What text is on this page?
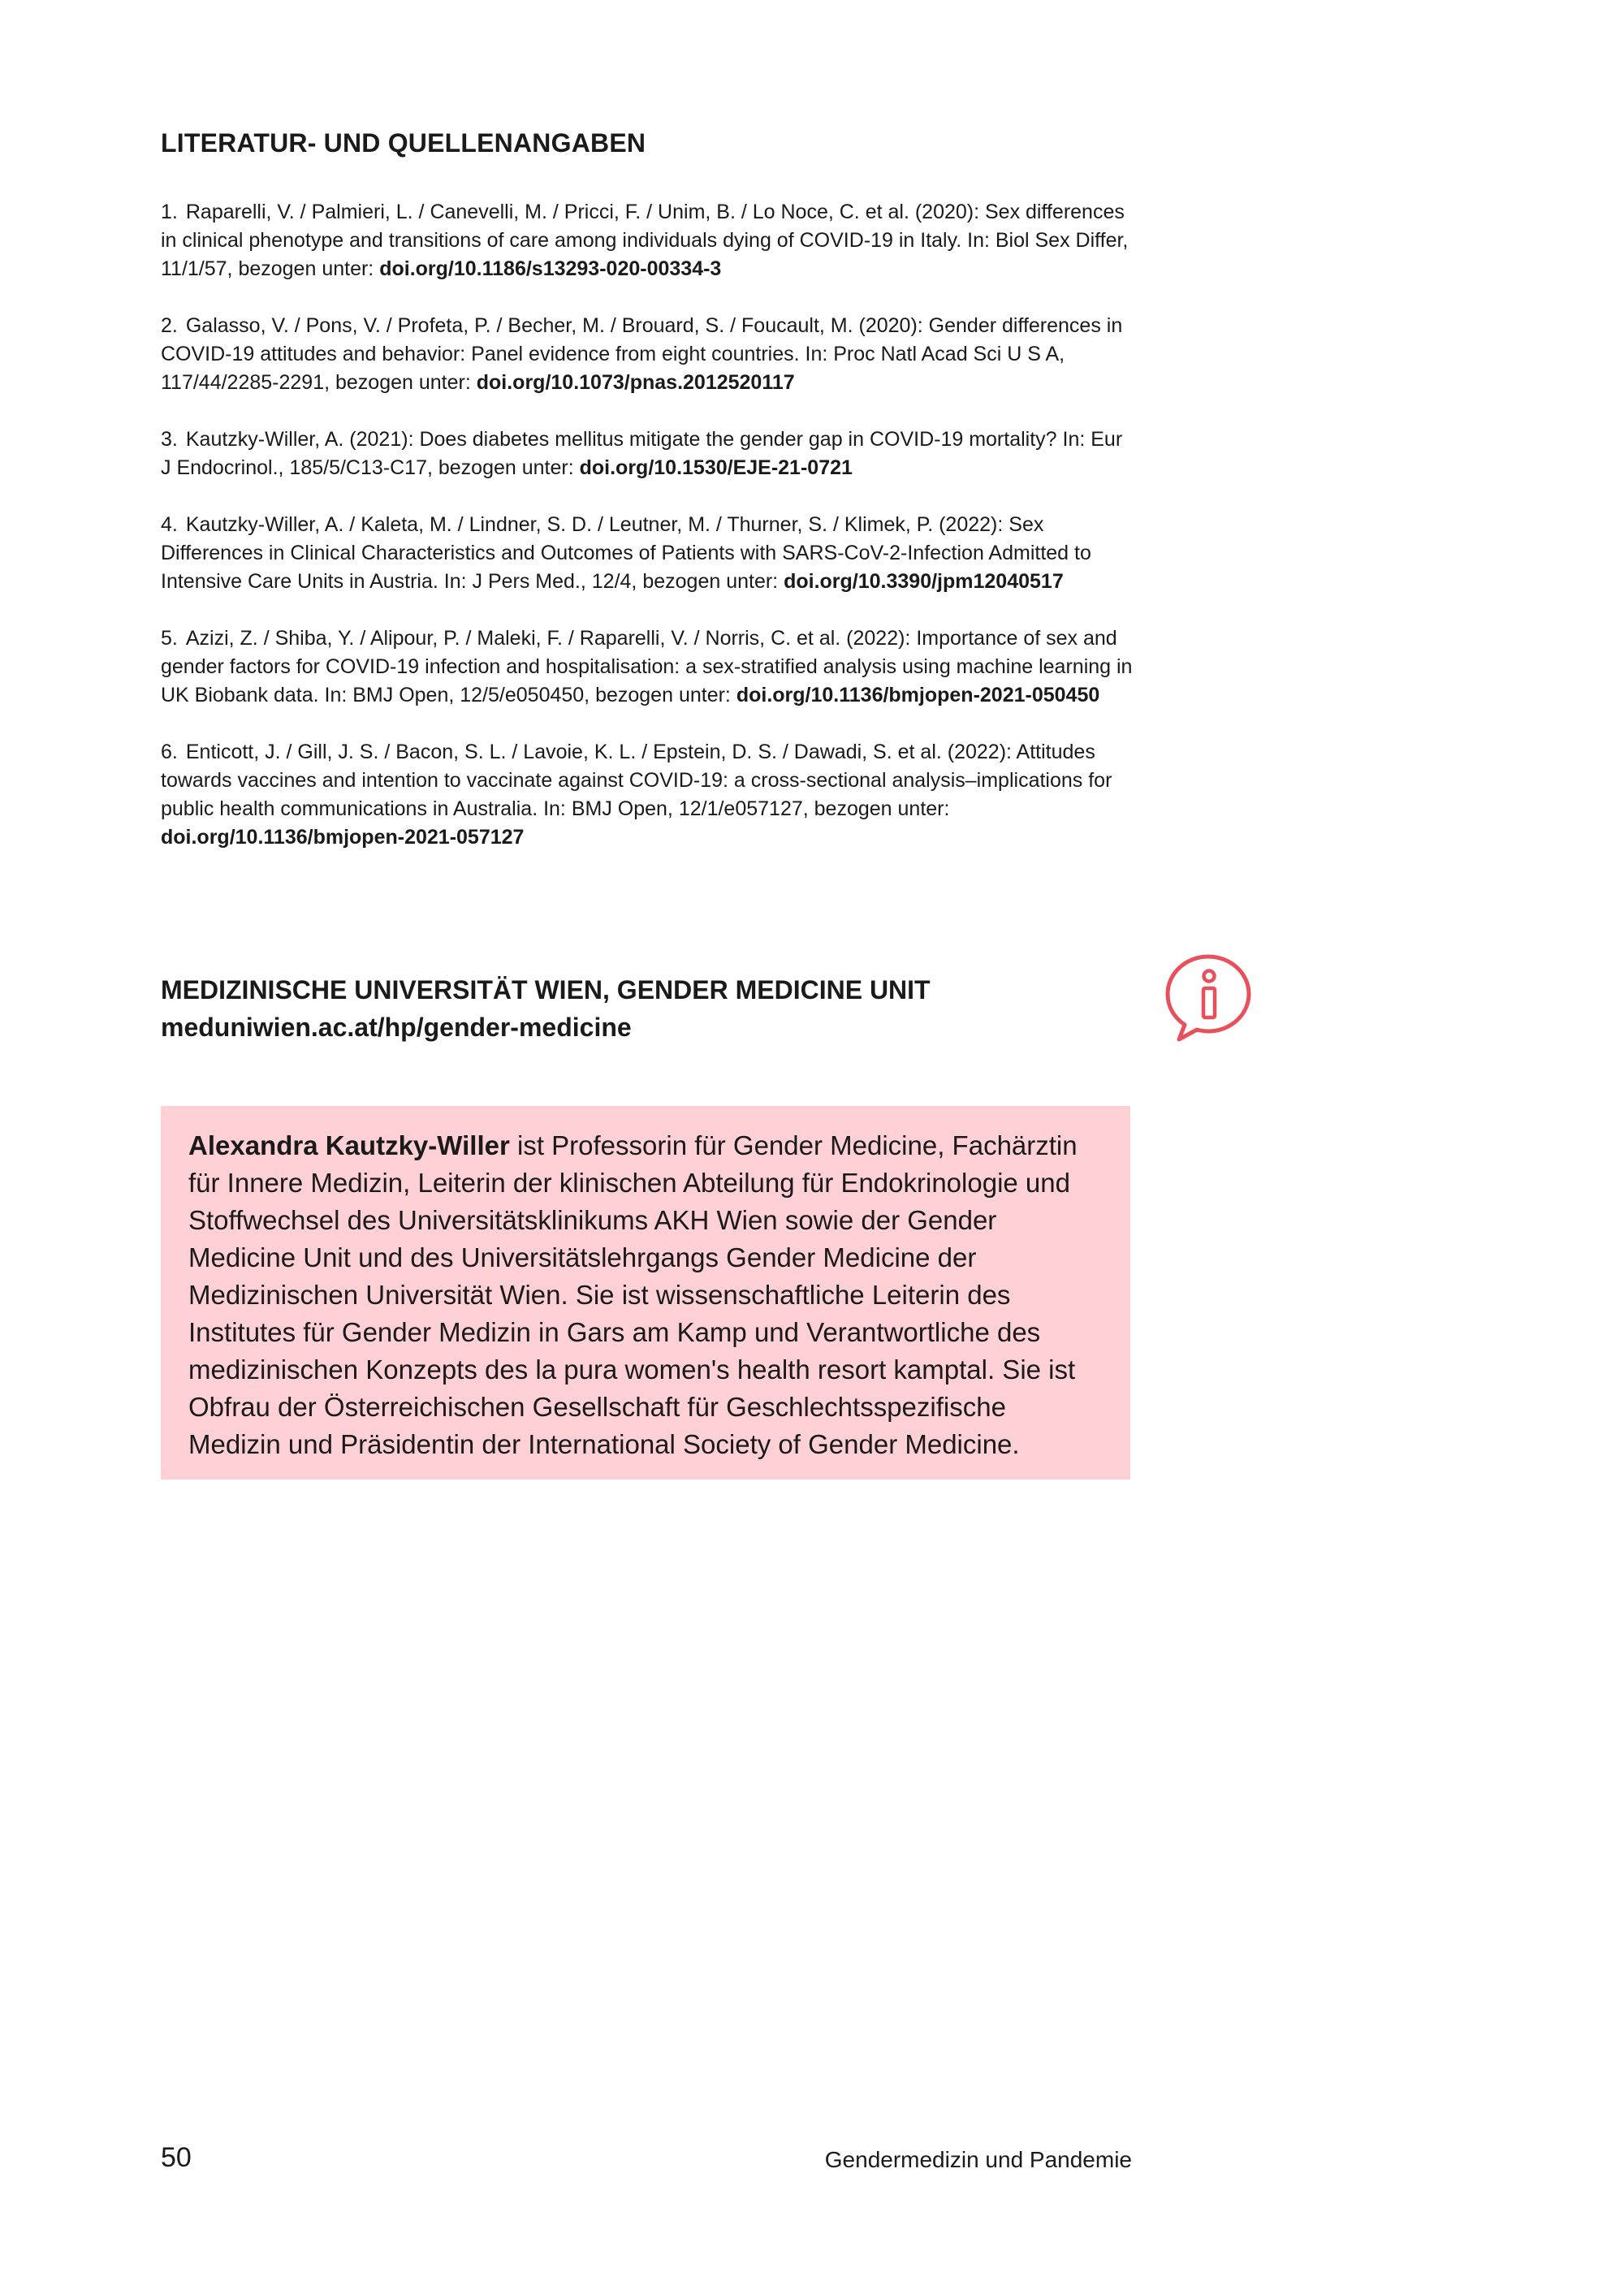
LITERATUR- UND QUELLENANGABEN
1. Raparelli, V. / Palmieri, L. / Canevelli, M. / Pricci, F. / Unim, B. / Lo Noce, C. et al. (2020): Sex differences in clinical phenotype and transitions of care among individuals dying of COVID-19 in Italy. In: Biol Sex Differ, 11/1/57, bezogen unter: doi.org/10.1186/s13293-020-00334-3
2. Galasso, V. / Pons, V. / Profeta, P. / Becher, M. / Brouard, S. / Foucault, M. (2020): Gender differences in COVID-19 attitudes and behavior: Panel evidence from eight countries. In: Proc Natl Acad Sci U S A, 117/44/2285-2291, bezogen unter: doi.org/10.1073/pnas.2012520117
3. Kautzky-Willer, A. (2021): Does diabetes mellitus mitigate the gender gap in COVID-19 mortality? In: Eur J Endocrinol., 185/5/C13-C17, bezogen unter: doi.org/10.1530/EJE-21-0721
4. Kautzky-Willer, A. / Kaleta, M. / Lindner, S. D. / Leutner, M. / Thurner, S. / Klimek, P. (2022): Sex Differences in Clinical Characteristics and Outcomes of Patients with SARS-CoV-2-Infection Admitted to Intensive Care Units in Austria. In: J Pers Med., 12/4, bezogen unter: doi.org/10.3390/jpm12040517
5. Azizi, Z. / Shiba, Y. / Alipour, P. / Maleki, F. / Raparelli, V. / Norris, C. et al. (2022): Importance of sex and gender factors for COVID-19 infection and hospitalisation: a sex-stratified analysis using machine learning in UK Biobank data. In: BMJ Open, 12/5/e050450, bezogen unter: doi.org/10.1136/bmjopen-2021-050450
6. Enticott, J. / Gill, J. S. / Bacon, S. L. / Lavoie, K. L. / Epstein, D. S. / Dawadi, S. et al. (2022): Attitudes towards vaccines and intention to vaccinate against COVID-19: a cross-sectional analysis–implications for public health communications in Australia. In: BMJ Open, 12/1/e057127, bezogen unter: doi.org/10.1136/bmjopen-2021-057127

MEDIZINISCHE UNIVERSITÄT WIEN, GENDER MEDICINE UNIT

meduniwien.ac.at/hp/gender-medicine

Alexandra Kautzky-Willer ist Professorin für Gender Medicine, Fachärztin für Innere Medizin, Leiterin der klinischen Abteilung für Endokrinologie und Stoffwechsel des Universitätsklinikums AKH Wien sowie der Gender Medicine Unit und des Universitätslehrgangs Gender Medicine der Medizinischen Universität Wien. Sie ist wissenschaftliche Leiterin des Institutes für Gender Medizin in Gars am Kamp und Verantwortliche des medizinischen Konzepts des la pura women's health resort kamptal. Sie ist Obfrau der Österreichischen Gesellschaft für Geschlechtsspezifische Medizin und Präsidentin der International Society of Gender Medicine.

50	Gendermedizin und Pandemie
